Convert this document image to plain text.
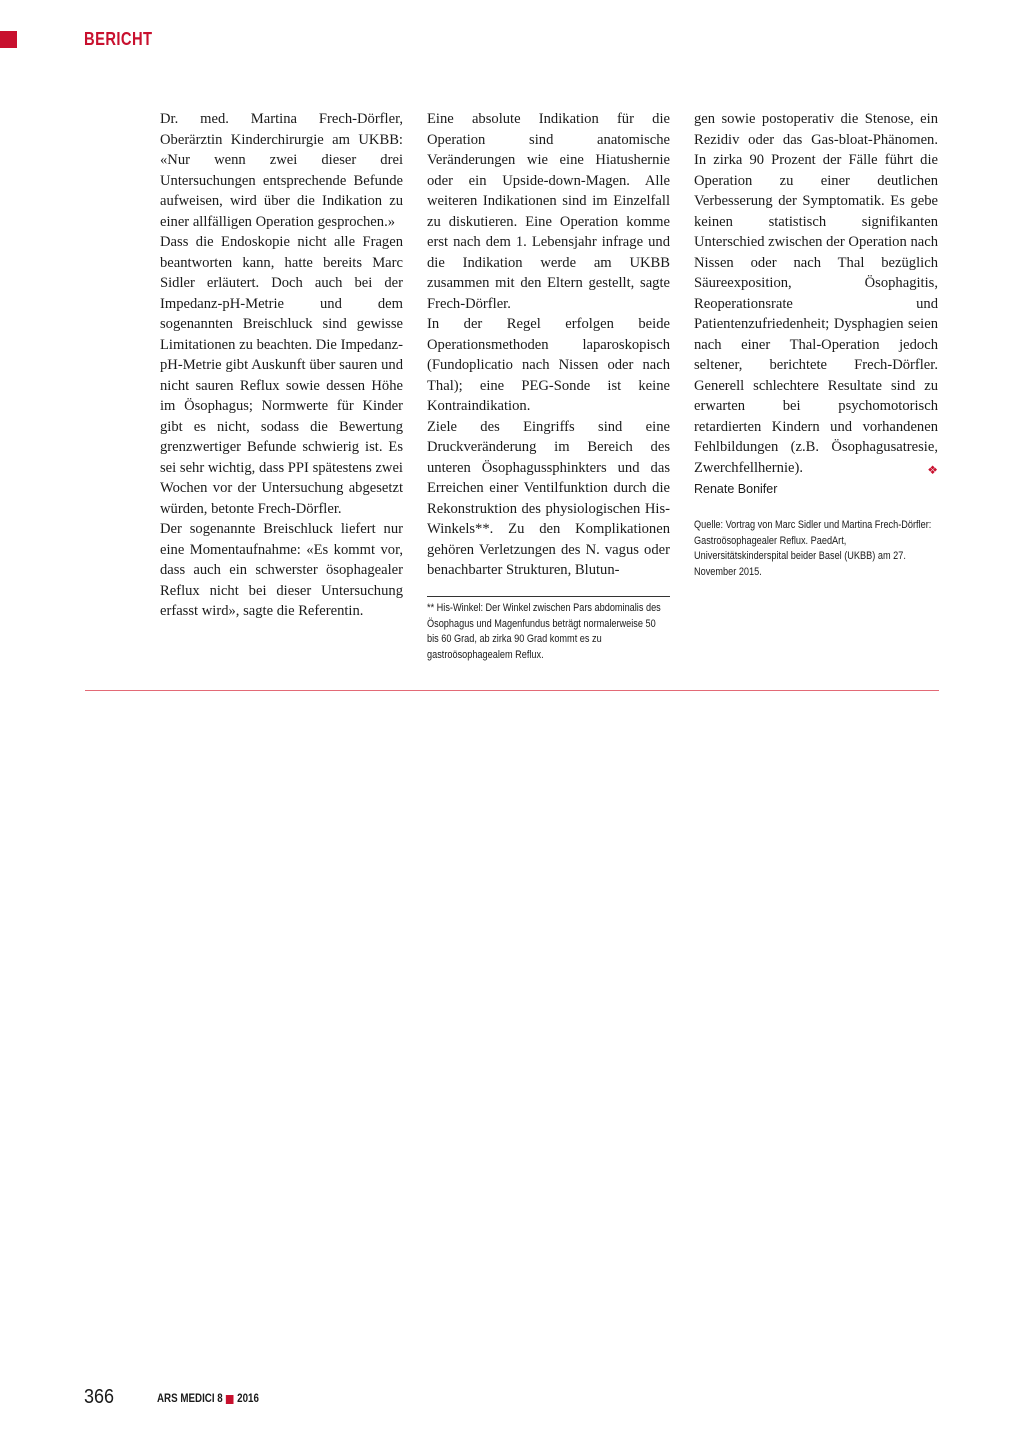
BERICHT

Dr. med. Martina Frech-Dörfler, Oberärztin Kinderchirurgie am UKBB: «Nur wenn zwei dieser drei Untersuchungen entsprechende Befunde aufweisen, wird über die Indikation zu einer allfälligen Operation gesprochen.»

Dass die Endoskopie nicht alle Fragen beantworten kann, hatte bereits Marc Sidler erläutert. Doch auch bei der Impedanz-pH-Metrie und dem sogenannten Breischluck sind gewisse Limitationen zu beachten. Die Impedanz-pH-Metrie gibt Auskunft über sauren und nicht sauren Reflux sowie dessen Höhe im Ösophagus; Normwerte für Kinder gibt es nicht, sodass die Bewertung grenzwertiger Befunde schwierig ist. Es sei sehr wichtig, dass PPI spätestens zwei Wochen vor der Untersuchung abgesetzt würden, betonte Frech-Dörfler.

Der sogenannte Breischluck liefert nur eine Momentaufnahme: «Es kommt vor, dass auch ein schwerster ösophagealer Reflux nicht bei dieser Untersuchung erfasst wird», sagte die Referentin.

Eine absolute Indikation für die Operation sind anatomische Veränderungen wie eine Hiatushernie oder ein Upside-down-Magen. Alle weiteren Indikationen sind im Einzelfall zu diskutieren. Eine Operation komme erst nach dem 1. Lebensjahr infrage und die Indikation werde am UKBB zusammen mit den Eltern gestellt, sagte Frech-Dörfler.

In der Regel erfolgen beide Operationsmethoden laparoskopisch (Fundoplicatio nach Nissen oder nach Thal); eine PEG-Sonde ist keine Kontraindikation.

Ziele des Eingriffs sind eine Druckveränderung im Bereich des unteren Ösophagussphinkters und das Erreichen einer Ventilfunktion durch die Rekonstruktion des physiologischen His-Winkels**. Zu den Komplikationen gehören Verletzungen des N. vagus oder benachbarter Strukturen, Blutun-

gen sowie postoperativ die Stenose, ein Rezidiv oder das Gas-bloat-Phänomen. In zirka 90 Prozent der Fälle führt die Operation zu einer deutlichen Verbesserung der Symptomatik. Es gebe keinen statistisch signifikanten Unterschied zwischen der Operation nach Nissen oder nach Thal bezüglich Säureexposition, Ösophagitis, Reoperationsrate und Patientenzufriedenheit; Dysphagien seien nach einer Thal-Operation jedoch seltener, berichtete Frech-Dörfler. Generell schlechtere Resultate sind zu erwarten bei psychomotorisch retardierten Kindern und vorhandenen Fehlbildungen (z.B. Ösophagusatresie, Zwerchfellhernie).	❖

** His-Winkel: Der Winkel zwischen Pars abdominalis des Ösophagus und Magenfundus beträgt normalerweise 50 bis 60 Grad, ab zirka 90 Grad kommt es zu gastroösophagealem Reflux.
Renate Bonifer
Quelle: Vortrag von Marc Sidler und Martina Frech-Dörfler: Gastroösophagealer Reflux. PaedArt, Universitätskinderspital beider Basel (UKBB) am 27. November 2015.
366	ARS MEDICI 8 2016
